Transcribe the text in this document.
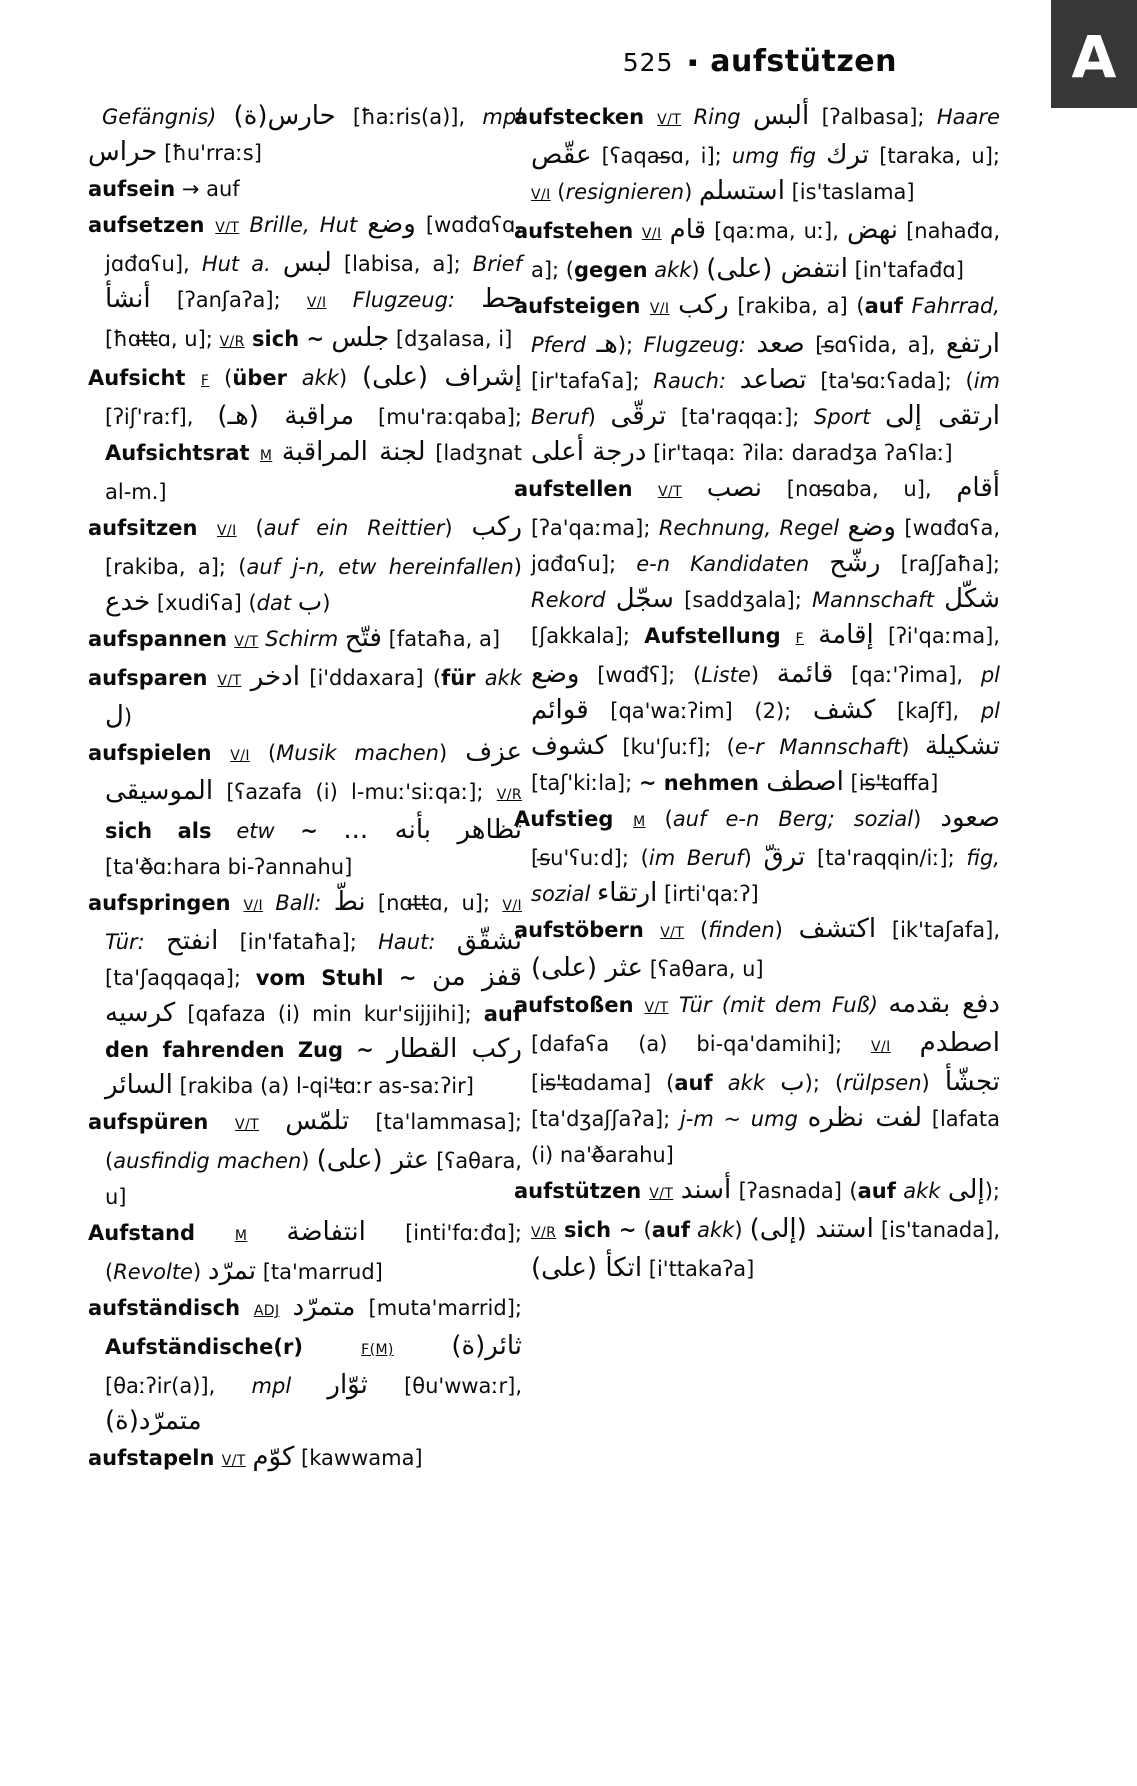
525 ▪ aufstützen	A

Gefängnis) حارس(ة) [ħaːris(a)], mpl حراس [ħu'rraːs]

aufsein → auf

aufsetzen V/T Brille, Hut وضع [wɑđɑʕɑ, jɑđɑʕu], Hut a. لبس [labisa, a]; Brief أنشأ [ʔanʃaʔa]; V/I Flugzeug: حط [ħɑt̶t̶ɑ, u]; V/R sich ~ جلس [dʒalasa, i]

Aufsicht F (über akk) إشراف (على) [ʔiʃ'raːf], مراقبة (هـ) [mu'raːqaba]; Aufsichtsrat M لجنة المراقبة [ladʒnat al-m.]

aufsitzen V/I (auf ein Reittier) ركب [rakiba, a]; (auf j-n, etw hereinfallen) خدع [xudiʕa] (dat ب)

aufspannen V/T Schirm فتّح [fataħa, a]

aufsparen V/T ادخر [i'ddaxara] (für akk ل)

aufspielen V/I (Musik machen) عزف الموسيقى [ʕazafa (i) l-muː'siːqaː]; V/R sich als etw ~ تظاهر بأنه ... [ta'ð̶ɑːhara bi-ʔannahu]

aufspringen V/I Ball: نطّ [nɑt̶t̶ɑ, u]; V/I Tür: انفتح [in'fataħa]; Haut: تشقّق [ta'ʃaqqaqa]; vom Stuhl ~ قفز من كرسيه [qafaza (i) min kur'sijjihi]; auf den fahrenden Zug ~ ركب القطار السائر [rakiba (a) l-qi't̶ɑːr as-saːʔir]

aufspüren V/T تلمّس [ta'lammasa]; (ausfindig machen) عثر (على) [ʕaθara, u]

Aufstand M انتفاضة [inti'fɑːđɑ]; (Revolte) تمرّد [ta'marrud]

aufständisch ADJ متمرّد [muta'marrid]; Aufständische(r) F(M) ثائر(ة) [θaːʔir(a)], mpl ثوّار [θu'wwaːr], متمرّد(ة)

aufstapeln V/T كوّم [kawwama]

aufstecken V/T Ring ألبس [ʔalbasa]; Haare عقّص [ʕaqas̶ɑ, i]; umg fig ترك [taraka, u]; V/I (resignieren) استسلم [is'taslama]

aufstehen V/I قام [qaːma, uː], نهض [nahađɑ, a]; (gegen akk) انتفض (على) [in'tafađɑ]

aufsteigen V/I ركب [rakiba, a] (auf Fahrrad, Pferd هـ); Flugzeug: صعد [s̶ɑʕida, a], ارتفع [ir'tafaʕa]; Rauch: تصاعد [ta's̶ɑːʕada]; (im Beruf) ترقّى [ta'raqqaː]; Sport ارتقى إلى درجة أعلى [ir'taqaː ʔilaː daradʒa ʔaʕlaː]

aufstellen V/T نصب [nɑs̶ɑba, u], أقام [ʔa'qaːma]; Rechnung, Regel وضع [wɑđɑʕa, jɑđɑʕu]; e-n Kandidaten رشّح [raʃʃaħa]; Rekord سجّل [saddʒala]; Mannschaft شكّل [ʃakkala]; Aufstellung F إقامة [ʔi'qaːma], وضع [wɑđʕ]; (Liste) قائمة [qaː'ʔima], pl قوائم [qa'waːʔim] (2); كشف [kaʃf], pl كشوف [ku'ʃuːf]; (e-r Mannschaft) تشكيلة [taʃ'kiːla]; ~ nehmen اصطف [is̶'t̶ɑffa]

Aufstieg M (auf e-n Berg; sozial) صعود [s̶u'ʕuːd]; (im Beruf) ترقّ [ta'raqqin/iː]; fig, sozial ارتقاء [irti'qaːʔ]

aufstöbern V/T (finden) اكتشف [ik'taʃafa], عثر (على) [ʕaθara, u]

aufstoßen V/T Tür (mit dem Fuß) دفع بقدمه [dafaʕa (a) bi-qa'damihi]; V/I اصطدم [is̶'t̶ɑdama] (auf akk ب); (rülpsen) تجشّأ [ta'dʒaʃʃaʔa]; j-m ~ umg لفت نظره [lafata (i) na'ð̶arahu]

aufstützen V/T أسند [ʔasnada] (auf akk إلى); V/R sich ~ (auf akk) استند (إلى) [is'tanada], اتكأ (على) [i'ttakaʔa]
